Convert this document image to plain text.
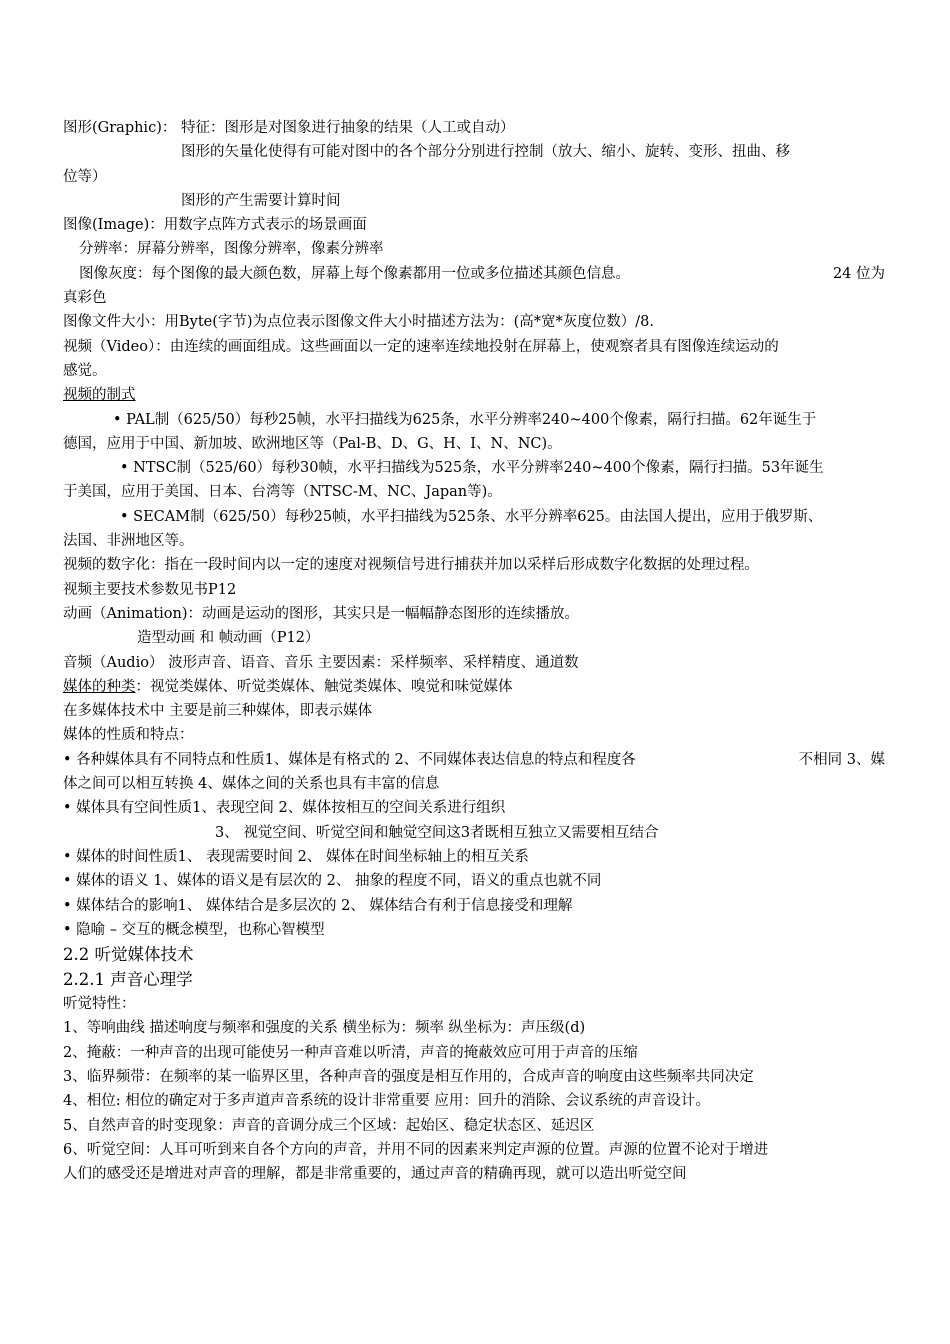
图形(Graphic)： 特征：图形是对图象进行抽象的结果（人工或自动）
图形的矢量化使得有可能对图中的各个部分分别进行控制（放大、缩小、旋转、变形、扭曲、移
位等）
图形的产生需要计算时间
图像(Image)：用数字点阵方式表示的场景画面
分辨率：屏幕分辨率，图像分辨率，像素分辨率
图像灰度：每个图像的最大颜色数，屏幕上每个像素都用一位或多位描述其颜色信息。	24 位为
真彩色
图像文件大小：用Byte(字节)为点位表示图像文件大小时描述方法为：(高*宽*灰度位数）/8.
视频（Video）：由连续的画面组成。这些画面以一定的速率连续地投射在屏幕上，使观察者具有图像连续运动的
感觉。
视频的制式
• PAL制（625/50）每秒25帧，水平扫描线为625条，水平分辨率240~400个像素，隔行扫描。62年诞生于
德国，应用于中国、新加坡、欧洲地区等（Pal-B、D、G、H、I、N、NC)。
• NTSC制（525/60）每秒30帧，水平扫描线为525条，水平分辨率240~400个像素，隔行扫描。53年诞生
于美国，应用于美国、日本、台湾等（NTSC-M、NC、Japan等)。
• SECAM制（625/50）每秒25帧，水平扫描线为525条、水平分辨率625。由法国人提出，应用于俄罗斯、
法国、非洲地区等。
视频的数字化：指在一段时间内以一定的速度对视频信号进行捕获并加以采样后形成数字化数据的处理过程。
视频主要技术参数见书P12
动画（Animation)：动画是运动的图形，其实只是一幅幅静态图形的连续播放。
造型动画 和 帧动画（P12）
音频（Audio） 波形声音、语音、音乐 主要因素：采样频率、采样精度、通道数
媒体的种类：视觉类媒体、听觉类媒体、触觉类媒体、嗅觉和味觉媒体
在多媒体技术中 主要是前三种媒体，即表示媒体
媒体的性质和特点：
• 各种媒体具有不同特点和性质1、媒体是有格式的 2、不同媒体表达信息的特点和程度各	不相同 3、媒
体之间可以相互转换 4、媒体之间的关系也具有丰富的信息
• 媒体具有空间性质1、表现空间 2、媒体按相互的空间关系进行组织
3、 视觉空间、听觉空间和触觉空间这3者既相互独立又需要相互结合
• 媒体的时间性质1、 表现需要时间 2、 媒体在时间坐标轴上的相互关系
• 媒体的语义 1、媒体的语义是有层次的 2、 抽象的程度不同，语义的重点也就不同
• 媒体结合的影响1、 媒体结合是多层次的 2、 媒体结合有利于信息接受和理解
• 隐喻 – 交互的概念模型，也称心智模型
2.2 听觉媒体技术
2.2.1 声音心理学
听觉特性：
1、等响曲线 描述响度与频率和强度的关系 横坐标为：频率 纵坐标为：声压级(d)
2、掩蔽：一种声音的出现可能使另一种声音难以听清，声音的掩蔽效应可用于声音的压缩
3、临界频带：在频率的某一临界区里，各种声音的强度是相互作用的，合成声音的响度由这些频率共同决定
4、相位: 相位的确定对于多声道声音系统的设计非常重要 应用：回升的消除、会议系统的声音设计。
5、自然声音的时变现象：声音的音调分成三个区域：起始区、稳定状态区、延迟区
6、听觉空间：人耳可听到来自各个方向的声音，并用不同的因素来判定声源的位置。声源的位置不论对于增进
人们的感受还是增进对声音的理解，都是非常重要的，通过声音的精确再现，就可以造出听觉空间
